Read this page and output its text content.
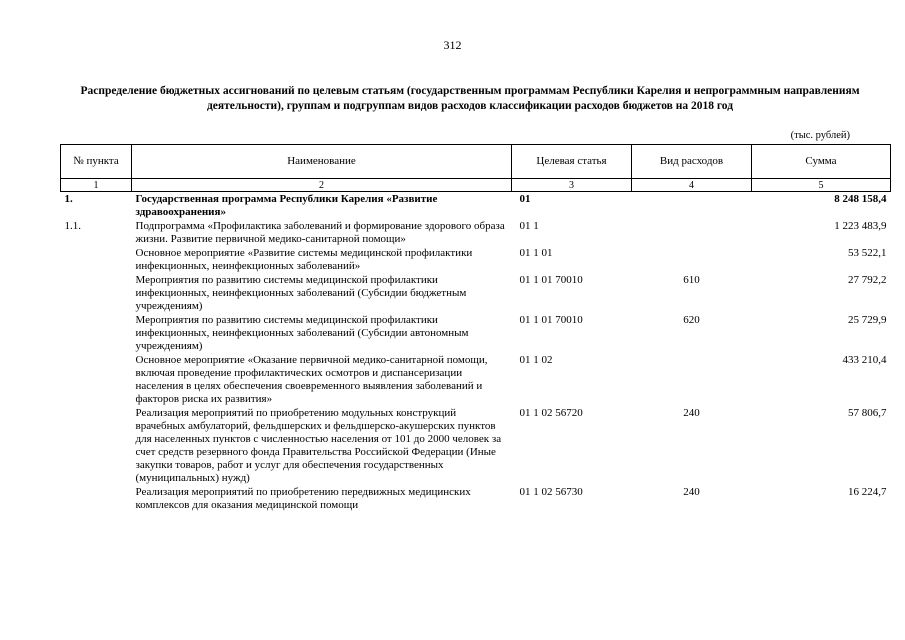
312
Распределение бюджетных ассигнований по целевым статьям (государственным программам Республики Карелия и непрограммным направлениям деятельности), группам и подгруппам видов расходов классификации расходов бюджетов на 2018 год
(тыс. рублей)
№ пункта	Наименование	Целевая статья	Вид расходов	Сумма
1	2	3	4	5
1.	Государственная программа Республики Карелия «Развитие здравоохранения»	01		8 248 158,4
1.1.	Подпрограмма «Профилактика заболеваний и формирование здорового образа жизни. Развитие первичной медико-санитарной помощи»	01 1		1 223 483,9
	Основное мероприятие «Развитие системы медицинской профилактики инфекционных, неинфекционных заболеваний»	01 1 01		53 522,1
	Мероприятия по развитию системы медицинской профилактики инфекционных, неинфекционных заболеваний (Субсидии бюджетным учреждениям)	01 1 01 70010	610	27 792,2
	Мероприятия по развитию системы медицинской профилактики инфекционных, неинфекционных заболеваний (Субсидии автономным учреждениям)	01 1 01 70010	620	25 729,9
	Основное мероприятие «Оказание первичной медико-санитарной помощи, включая проведение профилактических осмотров и диспансеризации населения в целях обеспечения своевременного выявления заболеваний и факторов риска их развития»	01 1 02		433 210,4
	Реализация мероприятий по приобретению модульных конструкций врачебных амбулаторий, фельдшерских и фельдшерско-акушерских пунктов для населенных пунктов с численностью населения от 101 до 2000 человек за счет средств резервного фонда Правительства Российской Федерации (Иные закупки товаров, работ и услуг для обеспечения государственных (муниципальных) нужд)	01 1 02 56720	240	57 806,7
	Реализация мероприятий по приобретению передвижных медицинских комплексов для оказания медицинской помощи	01 1 02 56730	240	16 224,7
